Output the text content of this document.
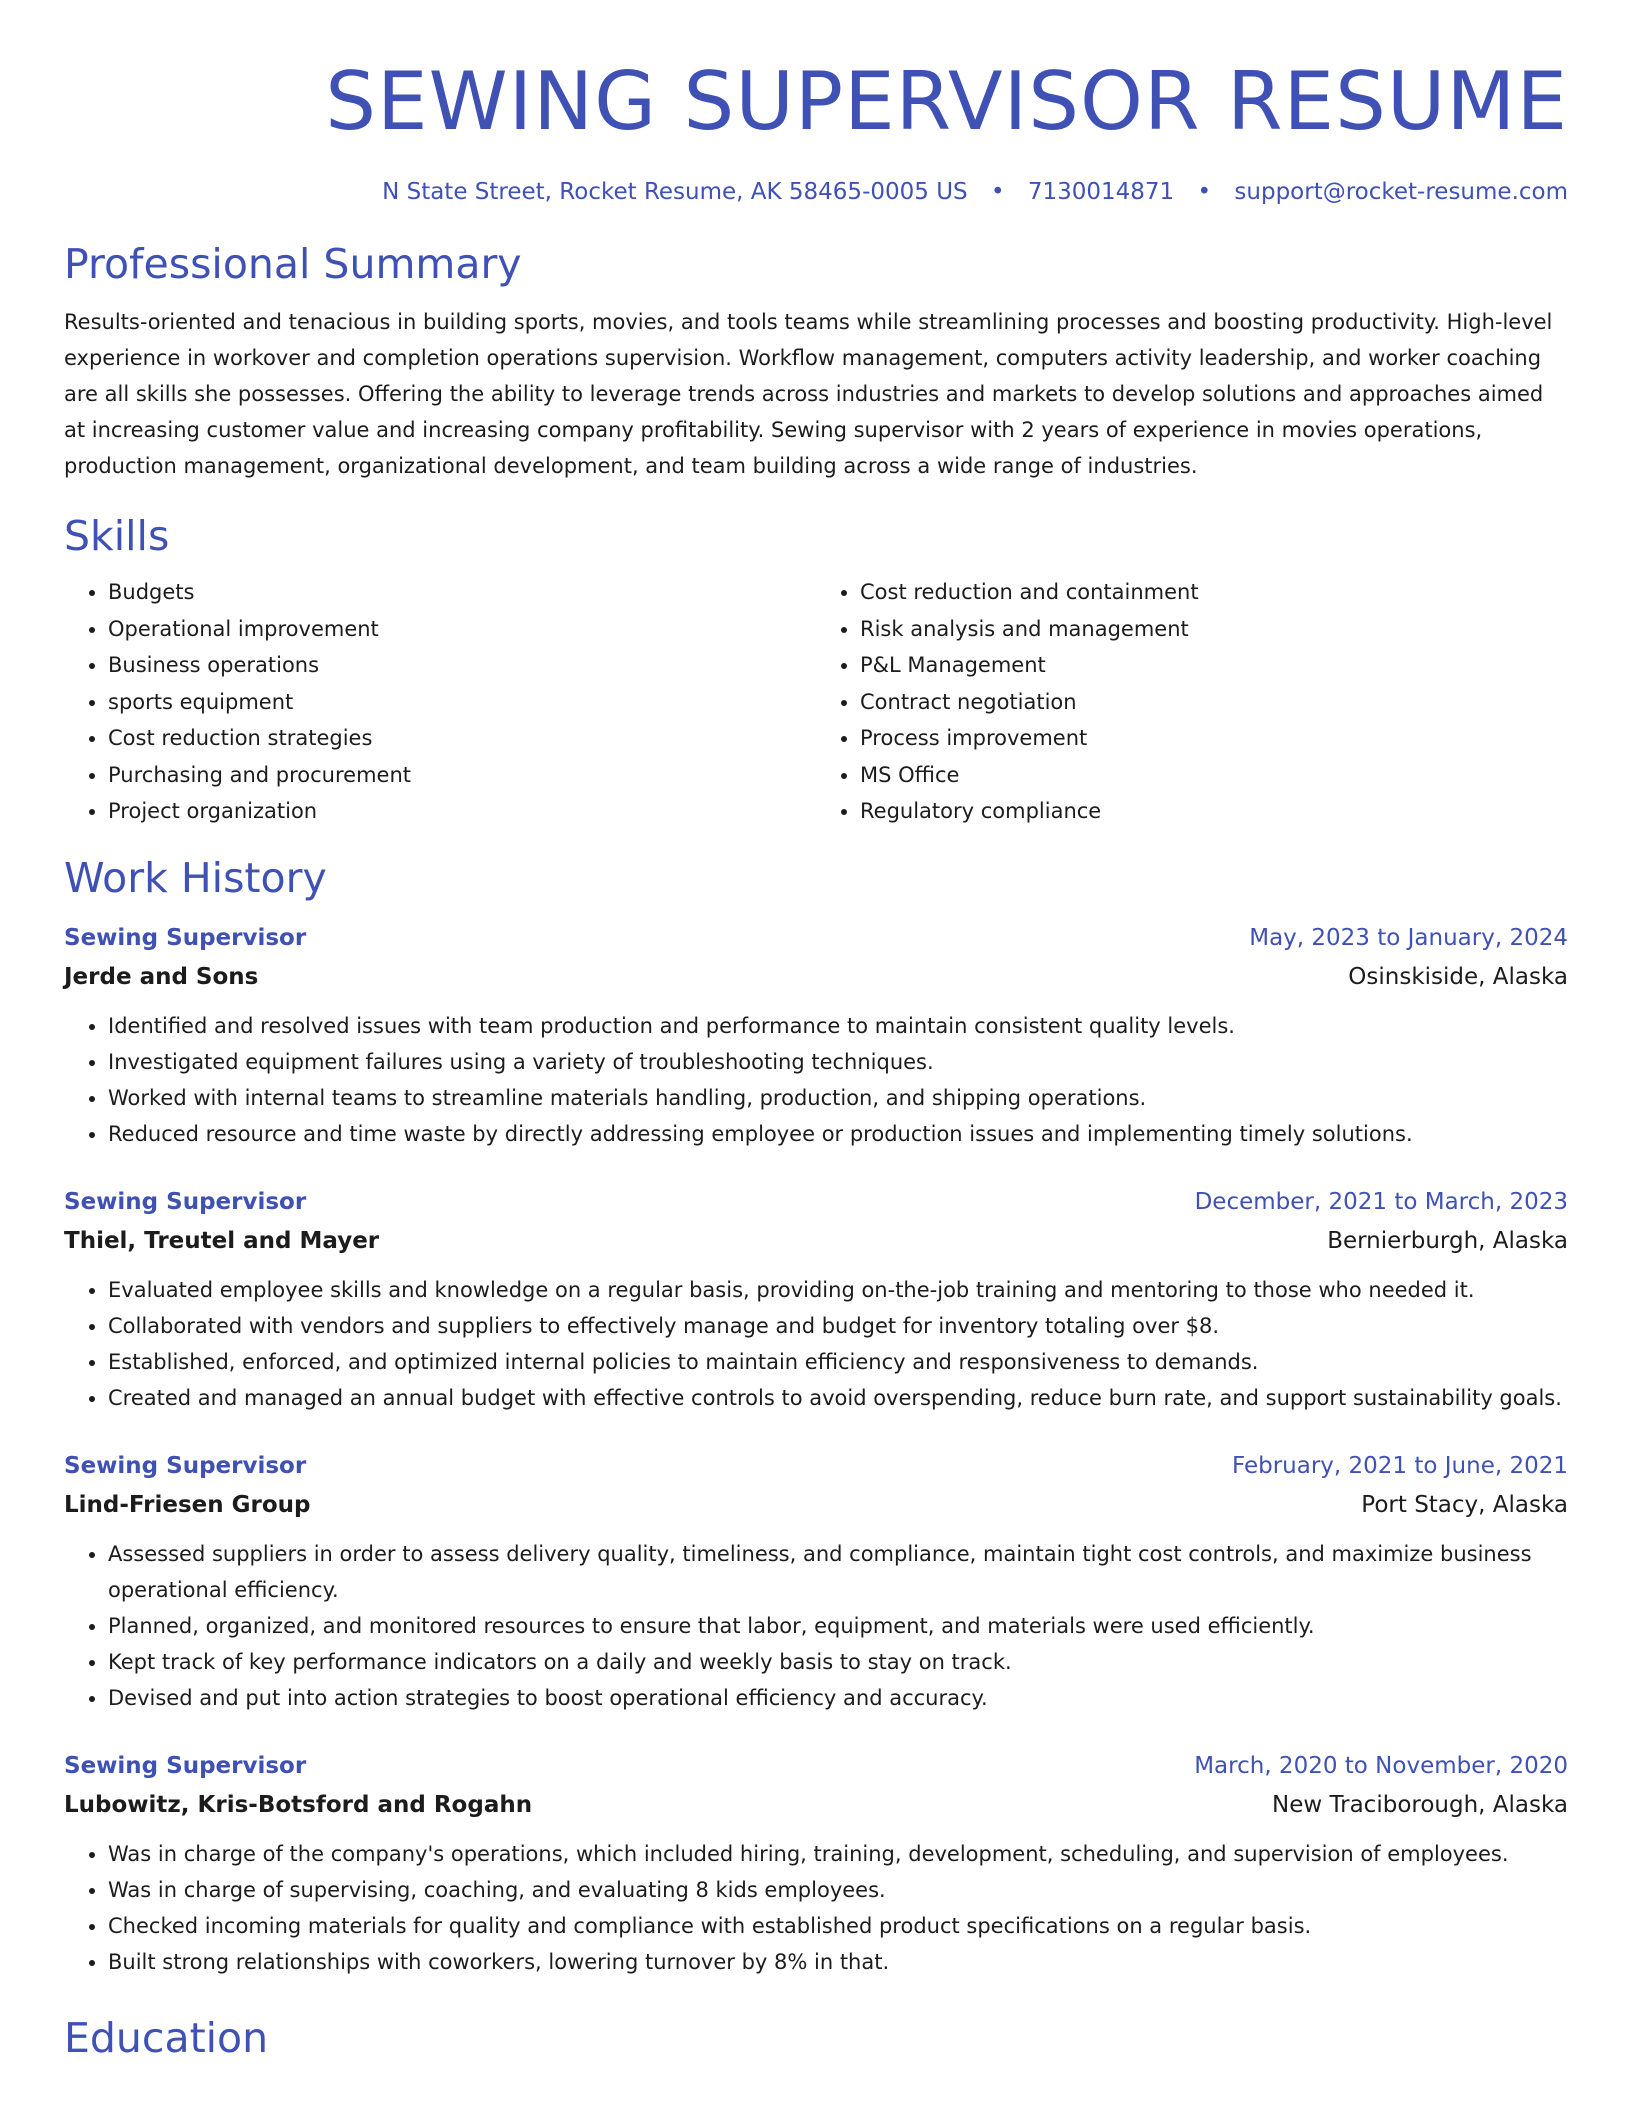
SEWING SUPERVISOR RESUME
N State Street, Rocket Resume, AK 58465-0005 US • 7130014871 • support@rocket-resume.com
Professional Summary

Results-oriented and tenacious in building sports, movies, and tools teams while streamlining processes and boosting productivity. High-level experience in workover and completion operations supervision. Workflow management, computers activity leadership, and worker coaching are all skills she possesses. Offering the ability to leverage trends across industries and markets to develop solutions and approaches aimed at increasing customer value and increasing company profitability. Sewing supervisor with 2 years of experience in movies operations, production management, organizational development, and team building across a wide range of industries.

Skills
• Budgets
• Operational improvement
• Business operations
• sports equipment
• Cost reduction strategies
• Purchasing and procurement
• Project organization
• Cost reduction and containment
• Risk analysis and management
• P&L Management
• Contract negotiation
• Process improvement
• MS Office
• Regulatory compliance
Work History
Sewing Supervisor	May, 2023 to January, 2024
Jerde and Sons	Osinskiside, Alaska
• Identified and resolved issues with team production and performance to maintain consistent quality levels.
• Investigated equipment failures using a variety of troubleshooting techniques.
• Worked with internal teams to streamline materials handling, production, and shipping operations.
• Reduced resource and time waste by directly addressing employee or production issues and implementing timely solutions.
Sewing Supervisor	December, 2021 to March, 2023
Thiel, Treutel and Mayer	Bernierburgh, Alaska
• Evaluated employee skills and knowledge on a regular basis, providing on-the-job training and mentoring to those who needed it.
• Collaborated with vendors and suppliers to effectively manage and budget for inventory totaling over $8.
• Established, enforced, and optimized internal policies to maintain efficiency and responsiveness to demands.
• Created and managed an annual budget with effective controls to avoid overspending, reduce burn rate, and support sustainability goals.
Sewing Supervisor	February, 2021 to June, 2021
Lind-Friesen Group	Port Stacy, Alaska
• Assessed suppliers in order to assess delivery quality, timeliness, and compliance, maintain tight cost controls, and maximize business operational efficiency.
• Planned, organized, and monitored resources to ensure that labor, equipment, and materials were used efficiently.
• Kept track of key performance indicators on a daily and weekly basis to stay on track.
• Devised and put into action strategies to boost operational efficiency and accuracy.
Sewing Supervisor	March, 2020 to November, 2020
Lubowitz, Kris-Botsford and Rogahn	New Traciborough, Alaska
• Was in charge of the company's operations, which included hiring, training, development, scheduling, and supervision of employees.
• Was in charge of supervising, coaching, and evaluating 8 kids employees.
• Checked incoming materials for quality and compliance with established product specifications on a regular basis.
• Built strong relationships with coworkers, lowering turnover by 8% in that.
Education
